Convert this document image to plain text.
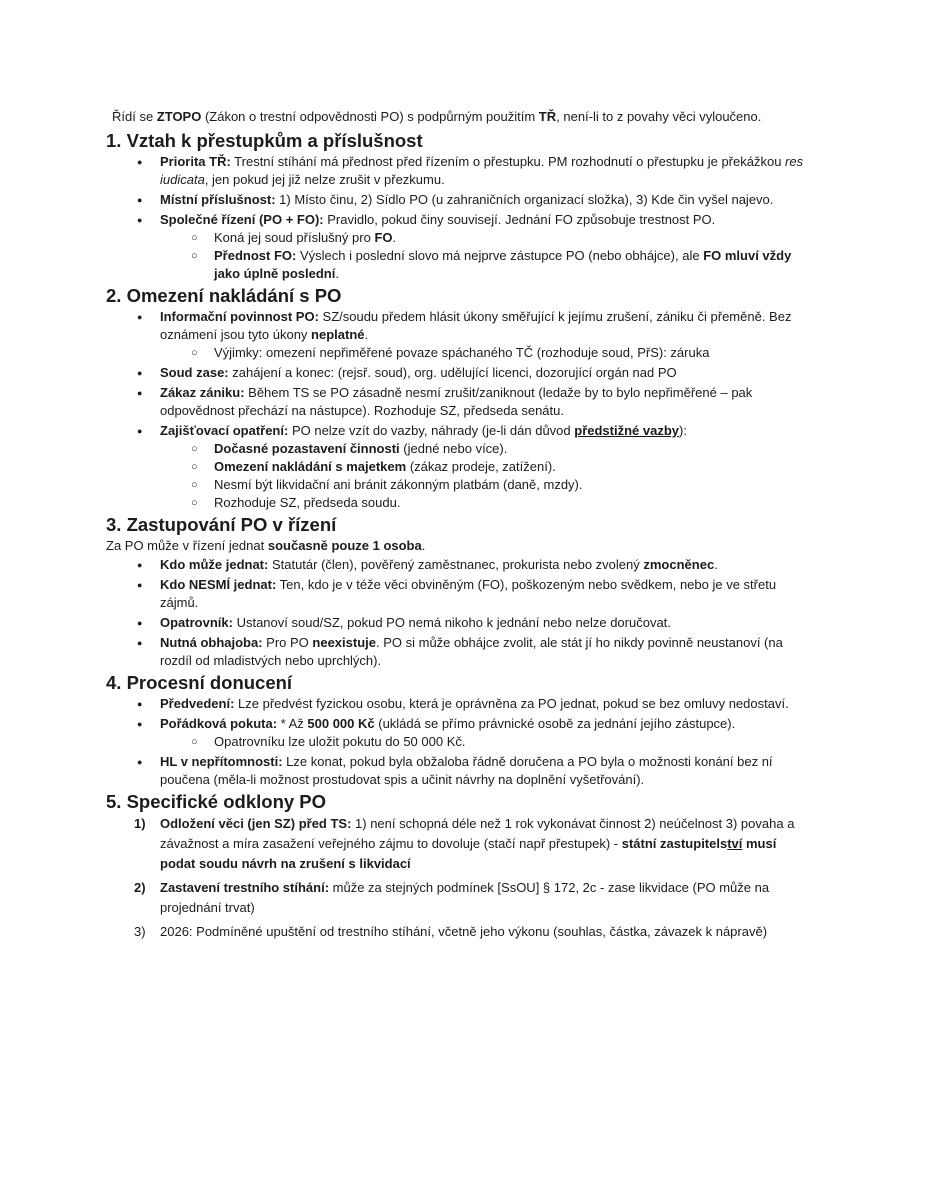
Řídí se ZTOPO (Zákon o trestní odpovědnosti PO) s podpůrným použitím TŘ, není-li to z povahy věci vyloučeno.

1. Vztah k přestupkům a příslušnost
● Priorita TŘ: Trestní stíhání má přednost před řízením o přestupku. PM rozhodnutí o přestupku je překážkou res iudicata, jen pokud jej již nelze zrušit v přezkumu.
● Místní příslušnost: 1) Místo činu, 2) Sídlo PO (u zahraničních organizací složka), 3) Kde čin vyšel najevo.
● Společné řízení (PO + FO): Pravidlo, pokud činy souvisejí. Jednání FO způsobuje trestnost PO.
○ Koná jej soud příslušný pro FO.
○ Přednost FO: Výslech i poslední slovo má nejprve zástupce PO (nebo obhájce), ale FO mluví vždy jako úplně poslední.
2. Omezení nakládání s PO
● Informační povinnost PO: SZ/soudu předem hlásit úkony směřující k jejímu zrušení, zániku či přeměně. Bez oznámení jsou tyto úkony neplatné.
○ Výjimky: omezení nepřiměřené povaze spáchaného TČ (rozhoduje soud, PřS): záruka
● Soud zase: zahájení a konec: (rejsř. soud), org. udělující licenci, dozorující orgán nad PO
● Zákaz zániku: Během TS se PO zásadně nesmí zrušit/zaniknout (ledaže by to bylo nepřiměřené – pak odpovědnost přechází na nástupce). Rozhoduje SZ, předseda senátu.
● Zajišťovací opatření: PO nelze vzít do vazby, náhrady (je-li dán důvod předstižné vazby):
○ Dočasné pozastavení činnosti (jedné nebo více).
○ Omezení nakládání s majetkem (zákaz prodeje, zatížení).
○ Nesmí být likvidační ani bránit zákonným platbám (daně, mzdy).
○ Rozhoduje SZ, předseda soudu.
3. Zastupování PO v řízení

Za PO může v řízení jednat současně pouze 1 osoba.

● Kdo může jednat: Statutár (člen), pověřený zaměstnanec, prokurista nebo zvolený zmocněnec.
● Kdo NESMÍ jednat: Ten, kdo je v téže věci obviněným (FO), poškozeným nebo svědkem, nebo je ve střetu zájmů.
● Opatrovník: Ustanoví soud/SZ, pokud PO nemá nikoho k jednání nebo nelze doručovat.
● Nutná obhajoba: Pro PO neexistuje. PO si může obhájce zvolit, ale stát jí ho nikdy povinně neustanoví (na rozdíl od mladistvých nebo uprchlých).
4. Procesní donucení
● Předvedení: Lze předvést fyzickou osobu, která je oprávněna za PO jednat, pokud se bez omluvy nedostaví.
● Pořádková pokuta: * Až 500 000 Kč (ukládá se přímo právnické osobě za jednání jejího zástupce).
○ Opatrovníku lze uložit pokutu do 50 000 Kč.
● HL v nepřítomnosti: Lze konat, pokud byla obžaloba řádně doručena a PO byla o možnosti konání bez ní poučena (měla-li možnost prostudovat spis a učinit návrhy na doplnění vyšetřování).
5. Specifické odklony PO
1) Odložení věci (jen SZ) před TS: 1) není schopná déle než 1 rok vykonávat činnost 2) neúčelnost 3) povaha a závažnost a míra zasažení veřejného zájmu to dovoluje (stačí např přestupek) - státní zastupitelství musí podat soudu návrh na zrušení s likvidací
2) Zastavení trestního stíhání: může za stejných podmínek [SsOU] § 172, 2c - zase likvidace (PO může na projednání trvat)
3) 2026: Podmíněné upuštění od trestního stíhání, včetně jeho výkonu (souhlas, částka, závazek k nápravě)
